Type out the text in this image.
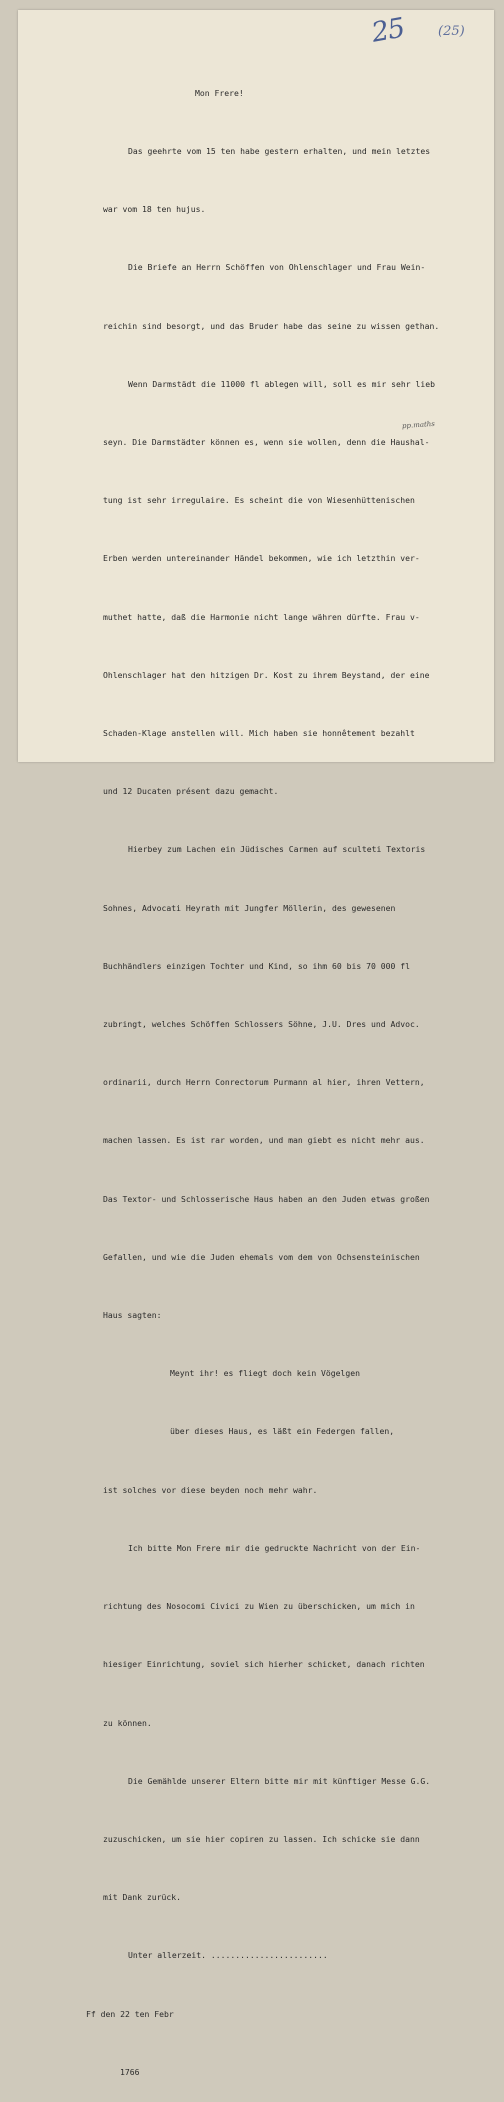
25 (25)
pp.maths

Mon Frere!

Das geehrte vom 15 ten habe gestern erhalten, und mein letztes

war vom 18 ten hujus.

Die Briefe an Herrn Schöffen von Ohlenschlager und Frau Wein-

reichin sind besorgt, und das Bruder habe das seine zu wissen gethan.

Wenn Darmstädt die 11000 fl ablegen will, soll es mir sehr lieb

seyn. Die Darmstädter können es, wenn sie wollen, denn die Haushal-

tung ist sehr irregulaire. Es scheint die von Wiesenhüttenischen

Erben werden untereinander Händel bekommen, wie ich letzthin ver-

muthet hatte, daß die Harmonie nicht lange währen dürfte. Frau v-

Ohlenschlager hat den hitzigen Dr. Kost zu ihrem Beystand, der eine

Schaden-Klage anstellen will. Mich haben sie honnêtement bezahlt

und 12 Ducaten présent dazu gemacht.

Hierbey zum Lachen ein Jüdisches Carmen auf sculteti Textoris

Sohnes, Advocati Heyrath mit Jungfer Möllerin, des gewesenen

Buchhändlers einzigen Tochter und Kind, so ihm 60 bis 70 000 fl

zubringt, welches Schöffen Schlossers Söhne, J.U. Dres und Advoc.

ordinarii, durch Herrn Conrectorum Purmann al hier, ihren Vettern,

machen lassen. Es ist rar worden, und man giebt es nicht mehr aus.

Das Textor- und Schlosserische Haus haben an den Juden etwas großen

Gefallen, und wie die Juden ehemals vom dem von Ochsensteinischen

Haus sagten:

Meynt ihr! es fliegt doch kein Vögelgen

über dieses Haus, es läßt ein Federgen fallen,

ist solches vor diese beyden noch mehr wahr.

Ich bitte Mon Frere mir die gedruckte Nachricht von der Ein-

richtung des Nosocomi Civici zu Wien zu überschicken, um mich in

hiesiger Einrichtung, soviel sich hierher schicket, danach richten

zu können.

Die Gemählde unserer Eltern bitte mir mit künftiger Messe G.G.

zuzuschicken, um sie hier copiren zu lassen. Ich schicke sie dann

mit Dank zurück.

Unter allerzeit. ........................

Ff den 22 ten Febr

1766
